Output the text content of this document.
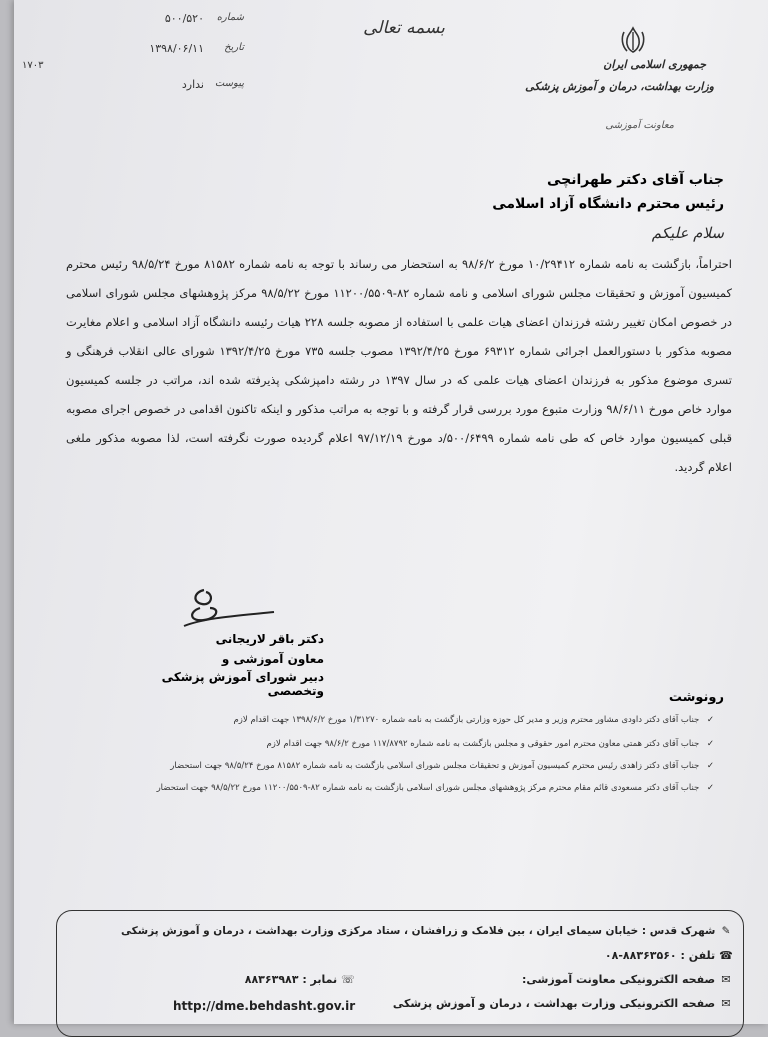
جمهوری اسلامی ایران
وزارت بهداشت، درمان و آموزش پزشکی
معاونت آموزشی
بسمه تعالی
۱۷۰۳
شماره
۵۰۰/۵۲۰
تاریخ
۱۳۹۸/۰۶/۱۱
پیوست
ندارد
جناب آقای دکتر طهرانچی
رئیس محترم دانشگاه آزاد اسلامی
سلام علیکم
احتراماً، بازگشت به نامه شماره ۱۰/۲۹۴۱۲ مورخ ۹۸/۶/۲ به استحضار می رساند با توجه به نامه شماره ۸۱۵۸۲ مورخ ۹۸/۵/۲۴ رئیس محترم کمیسیون آموزش و تحقیقات مجلس شورای اسلامی و نامه شماره ۸۲-۱۱۲۰۰/۵۵۰۹ مورخ ۹۸/۵/۲۲ مرکز پژوهشهای مجلس شورای اسلامی در خصوص امکان تغییر رشته فرزندان اعضای هیات علمی با استفاده از مصوبه جلسه ۲۲۸ هیات رئیسه دانشگاه آزاد اسلامی و اعلام مغایرت مصوبه مذکور با دستورالعمل اجرائی شماره ۶۹۳۱۲ مورخ ۱۳۹۲/۴/۲۵ مصوب جلسه ۷۳۵ مورخ ۱۳۹۲/۴/۲۵ شورای عالی انقلاب فرهنگی و تسری موضوع مذکور به فرزندان اعضای هیات علمی که در سال ۱۳۹۷ در رشته دامپزشکی پذیرفته شده اند، مراتب در جلسه کمیسیون موارد خاص مورخ ۹۸/۶/۱۱ وزارت متبوع مورد بررسی قرار گرفته و با توجه به مراتب مذکور و اینکه تاکنون اقدامی در خصوص اجرای مصوبه قبلی کمیسیون موارد خاص که طی نامه شماره ۵۰۰/۶۴۹۹/د مورخ ۹۷/۱۲/۱۹ اعلام گردیده صورت نگرفته است، لذا مصوبه مذکور ملغی اعلام گردید.
دکتر باقر لاریجانی
معاون آموزشی و
دبیر شورای آموزش پزشکی وتخصصی	رونوشت
✓ جناب آقای دکتر داودی مشاور محترم وزیر و مدیر کل حوزه وزارتی بازگشت به نامه شماره ۱/۳۱۲۷۰ مورخ ۱۳۹۸/۶/۲ جهت اقدام لازم
✓ جناب آقای دکتر همتی معاون محترم امور حقوقی و مجلس بازگشت به نامه شماره ۱۱۷/۸۷۹۲ مورخ ۹۸/۶/۲ جهت اقدام لازم
✓ جناب آقای دکتر زاهدی رئیس محترم کمیسیون آموزش و تحقیقات مجلس شورای اسلامی بازگشت به نامه شماره ۸۱۵۸۲ مورخ ۹۸/۵/۲۴ جهت استحضار
✓ جناب آقای دکتر مسعودی قائم مقام محترم مرکز پژوهشهای مجلس شورای اسلامی بازگشت به نامه شماره ۸۲-۱۱۲۰۰/۵۵۰۹ مورخ ۹۸/۵/۲۲ جهت استحضار
✎ شهرک قدس : خیابان سیمای ایران ، بین فلامک و زرافشان ، ستاد مرکزی وزارت بهداشت ، درمان و آموزش پزشکی
☎ تلفن : ۸۸۳۶۳۵۶۰-۰۸
☏ نمابر : ۸۸۳۶۳۹۸۳	✉ صفحه الکترونیکی معاونت آموزشی:
✉ صفحه الکترونیکی وزارت بهداشت ، درمان و آموزش پزشکی
http://dme.behdasht.gov.ir
